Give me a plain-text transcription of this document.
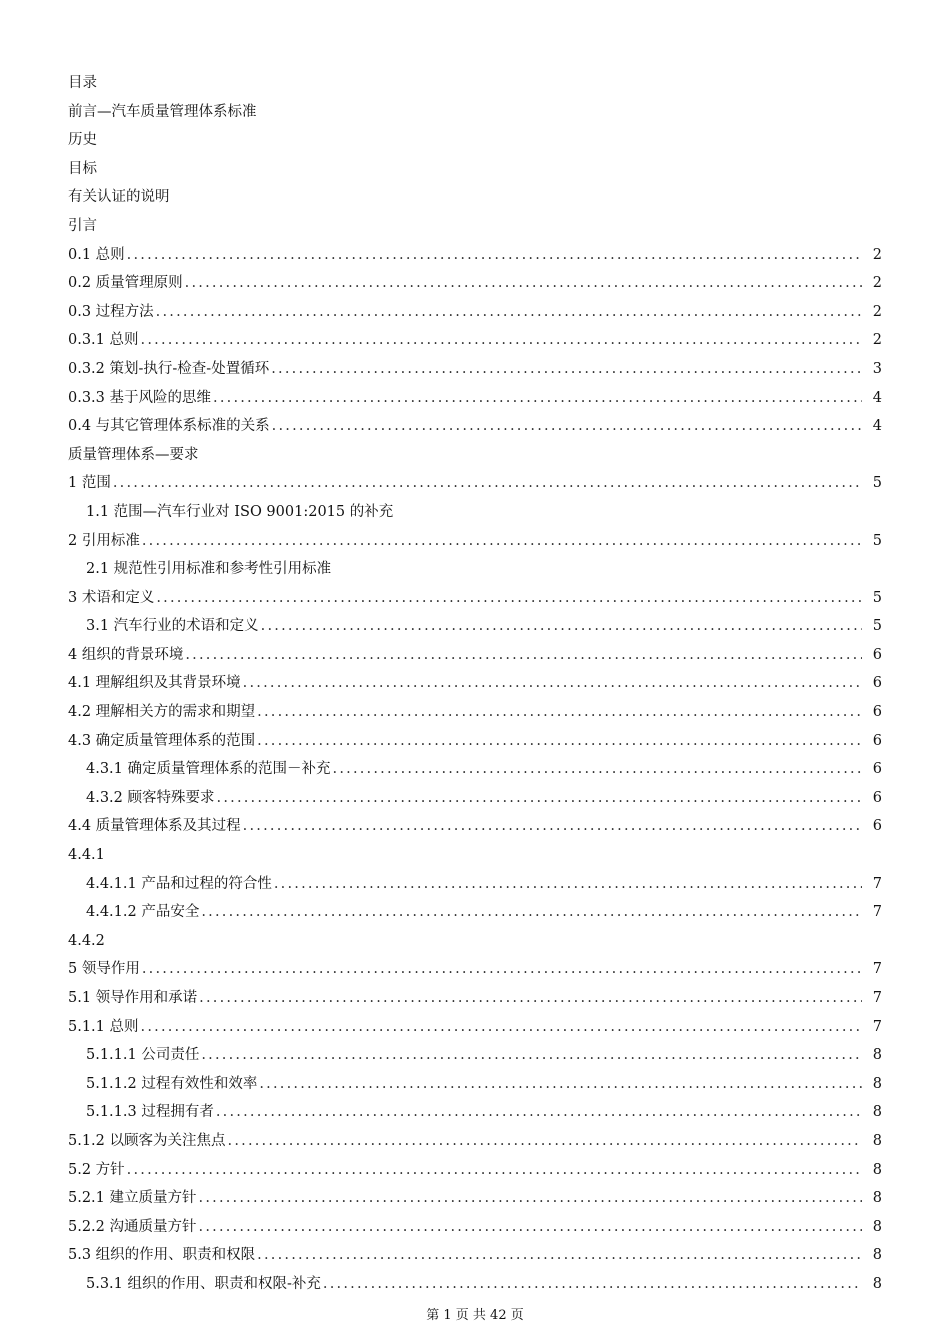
目录
前言—汽车质量管理体系标准
历史
目标
有关认证的说明
引言
0.1 总则 .....	2
0.2 质量管理原则 .....	2
0.3 过程方法 .....	2
0.3.1 总则 .....	2
0.3.2 策划-执行-检查-处置循环 .....	3
0.3.3 基于风险的思维 .....	4
0.4 与其它管理体系标准的关系 .....	4
质量管理体系—要求
1 范围 .....	5
1.1 范围—汽车行业对 ISO 9001:2015 的补充
2 引用标准 .....	5
2.1 规范性引用标准和参考性引用标准
3 术语和定义 .....	5
3.1 汽车行业的术语和定义 .....	5
4 组织的背景环境 .....	6
4.1 理解组织及其背景环境 .....	6
4.2 理解相关方的需求和期望 .....	6
4.3 确定质量管理体系的范围 .....	6
4.3.1 确定质量管理体系的范围－补充 .....	6
4.3.2 顾客特殊要求 .....	6
4.4 质量管理体系及其过程 .....	6
4.4.1
4.4.1.1 产品和过程的符合性 .....	7
4.4.1.2 产品安全 .....	7
4.4.2
5 领导作用 .....	7
5.1 领导作用和承诺 .....	7
5.1.1 总则 .....	7
5.1.1.1 公司责任 .....	8
5.1.1.2 过程有效性和效率 .....	8
5.1.1.3 过程拥有者 .....	8
5.1.2 以顾客为关注焦点 .....	8
5.2 方针 .....	8
5.2.1 建立质量方针 .....	8
5.2.2 沟通质量方针 .....	8
5.3 组织的作用、职责和权限 .....	8
5.3.1 组织的作用、职责和权限-补充 .....	8
第 1 页 共 42 页
